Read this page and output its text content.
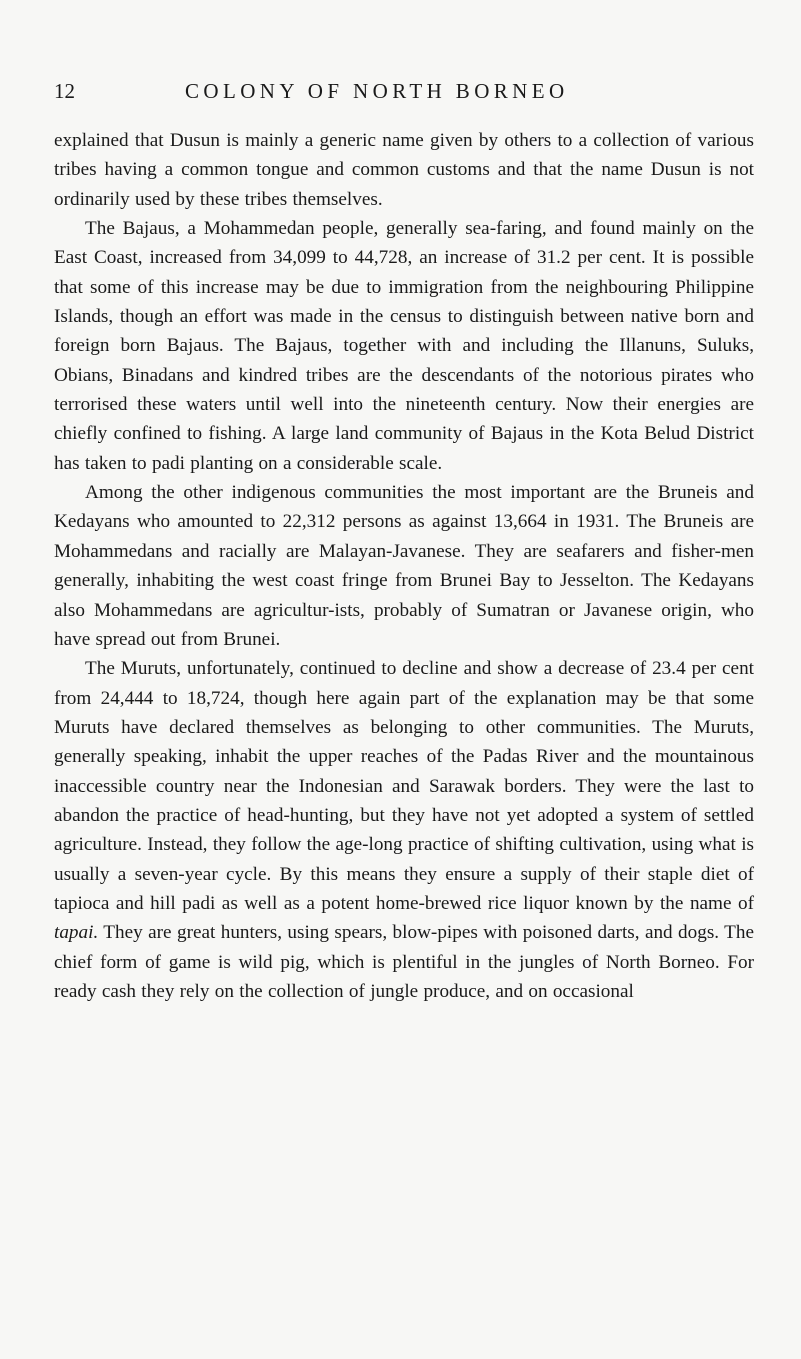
12	COLONY OF NORTH BORNEO

explained that Dusun is mainly a generic name given by others to a collection of various tribes having a common tongue and common customs and that the name Dusun is not ordinarily used by these tribes themselves.

The Bajaus, a Mohammedan people, generally sea-faring, and found mainly on the East Coast, increased from 34,099 to 44,728, an increase of 31.2 per cent. It is possible that some of this increase may be due to immigration from the neighbouring Philippine Islands, though an effort was made in the census to distinguish between native born and foreign born Bajaus. The Bajaus, together with and including the Illanuns, Suluks, Obians, Binadans and kindred tribes are the descendants of the notorious pirates who terrorised these waters until well into the nineteenth century. Now their energies are chiefly confined to fishing. A large land community of Bajaus in the Kota Belud District has taken to padi planting on a considerable scale.

Among the other indigenous communities the most important are the Bruneis and Kedayans who amounted to 22,312 persons as against 13,664 in 1931. The Bruneis are Mohammedans and racially are Malayan-Javanese. They are seafarers and fisher-men generally, inhabiting the west coast fringe from Brunei Bay to Jesselton. The Kedayans also Mohammedans are agricultur-ists, probably of Sumatran or Javanese origin, who have spread out from Brunei.

The Muruts, unfortunately, continued to decline and show a decrease of 23.4 per cent from 24,444 to 18,724, though here again part of the explanation may be that some Muruts have declared themselves as belonging to other communities. The Muruts, generally speaking, inhabit the upper reaches of the Padas River and the mountainous inaccessible country near the Indonesian and Sarawak borders. They were the last to abandon the practice of head-hunting, but they have not yet adopted a system of settled agriculture. Instead, they follow the age-long practice of shifting cultivation, using what is usually a seven-year cycle. By this means they ensure a supply of their staple diet of tapioca and hill padi as well as a potent home-brewed rice liquor known by the name of tapai. They are great hunters, using spears, blow-pipes with poisoned darts, and dogs. The chief form of game is wild pig, which is plentiful in the jungles of North Borneo. For ready cash they rely on the collection of jungle produce, and on occasional
